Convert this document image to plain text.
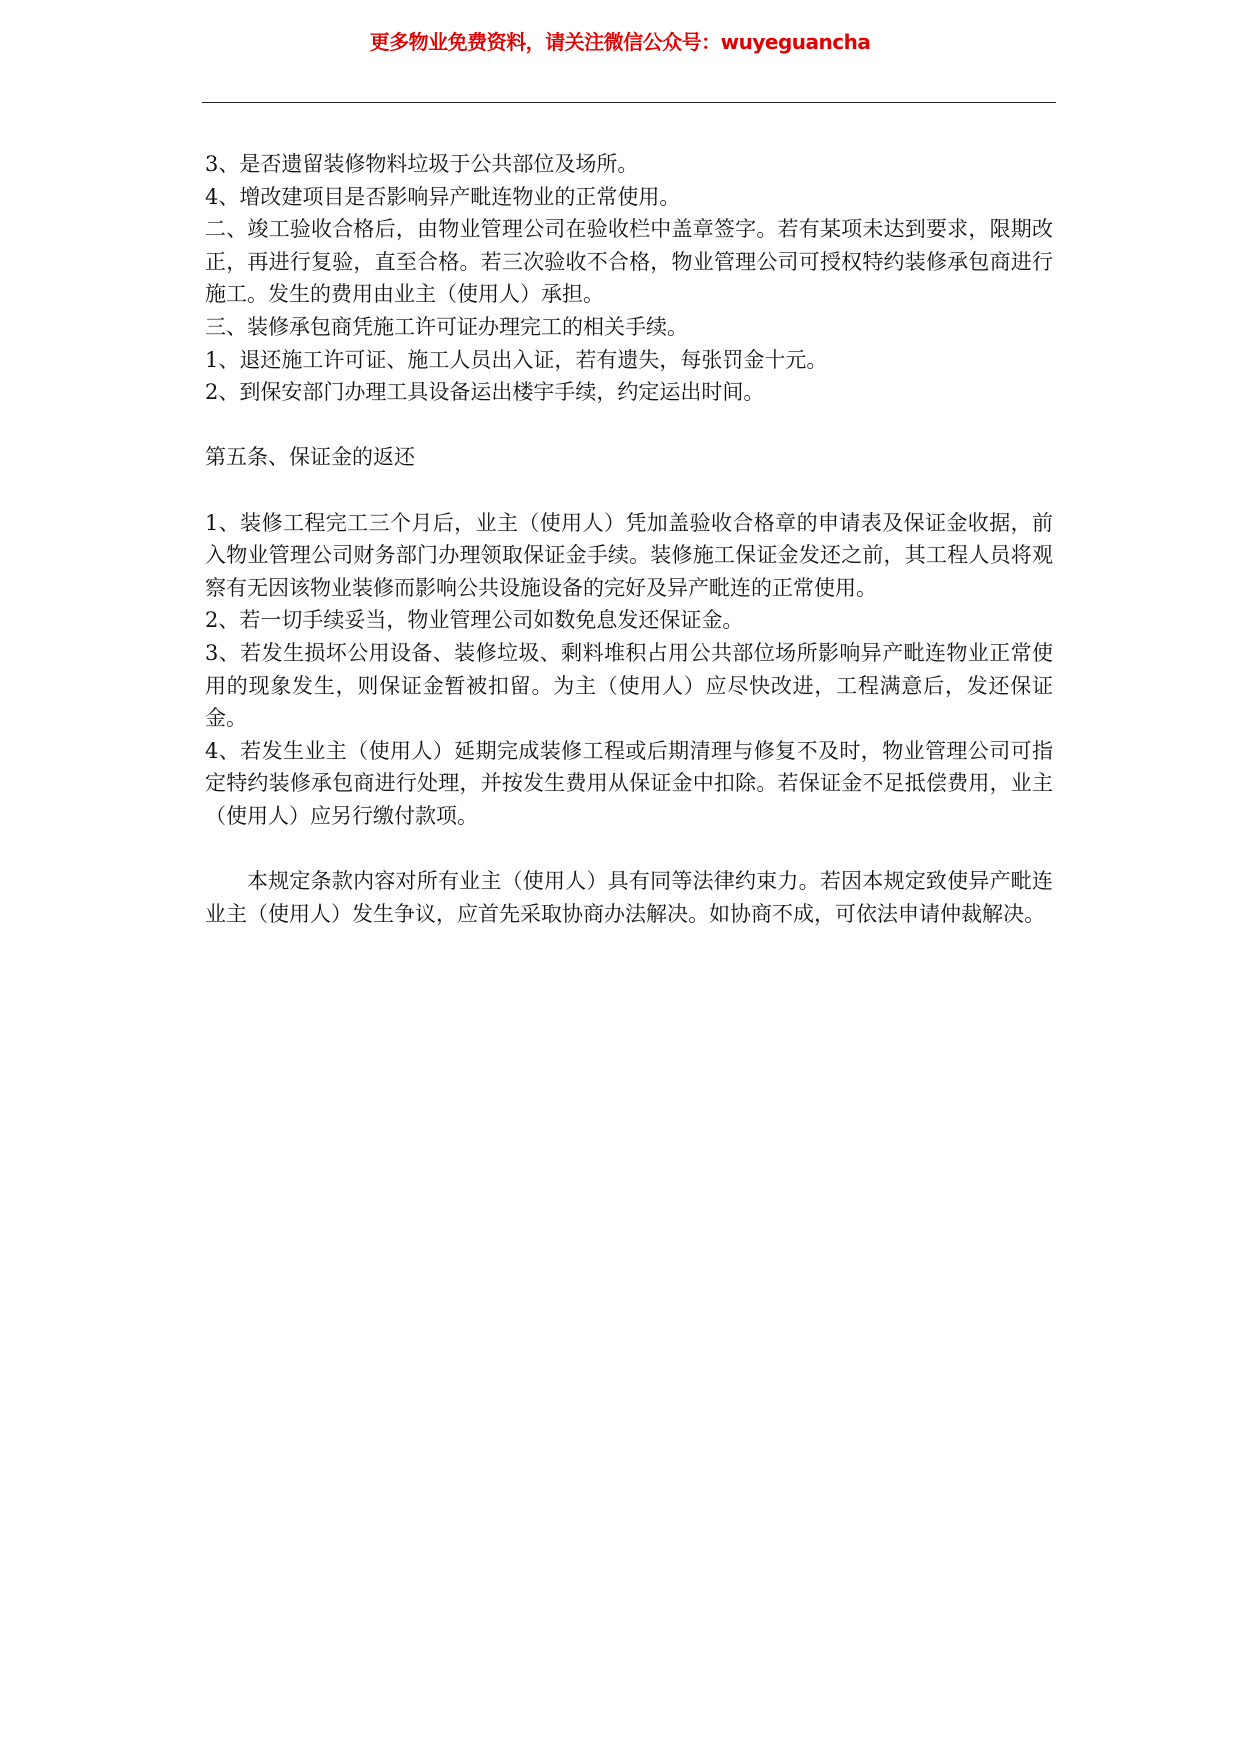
更多物业免费资料，请关注微信公众号：wuyeguancha

3、是否遗留装修物料垃圾于公共部位及场所。

4、增改建项目是否影响异产毗连物业的正常使用。

二、竣工验收合格后，由物业管理公司在验收栏中盖章签字。若有某项未达到要求，限期改正，再进行复验，直至合格。若三次验收不合格，物业管理公司可授权特约装修承包商进行施工。发生的费用由业主（使用人）承担。

三、装修承包商凭施工许可证办理完工的相关手续。

1、退还施工许可证、施工人员出入证，若有遗失，每张罚金十元。

2、到保安部门办理工具设备运出楼宇手续，约定运出时间。

第五条、保证金的返还

1、装修工程完工三个月后，业主（使用人）凭加盖验收合格章的申请表及保证金收据，前入物业管理公司财务部门办理领取保证金手续。装修施工保证金发还之前，其工程人员将观察有无因该物业装修而影响公共设施设备的完好及异产毗连的正常使用。

2、若一切手续妥当，物业管理公司如数免息发还保证金。

3、若发生损坏公用设备、装修垃圾、剩料堆积占用公共部位场所影响异产毗连物业正常使用的现象发生，则保证金暂被扣留。为主（使用人）应尽快改进，工程满意后，发还保证金。

4、若发生业主（使用人）延期完成装修工程或后期清理与修复不及时，物业管理公司可指定特约装修承包商进行处理，并按发生费用从保证金中扣除。若保证金不足抵偿费用，业主（使用人）应另行缴付款项。

本规定条款内容对所有业主（使用人）具有同等法律约束力。若因本规定致使异产毗连业主（使用人）发生争议，应首先采取协商办法解决。如协商不成，可依法申请仲裁解决。
